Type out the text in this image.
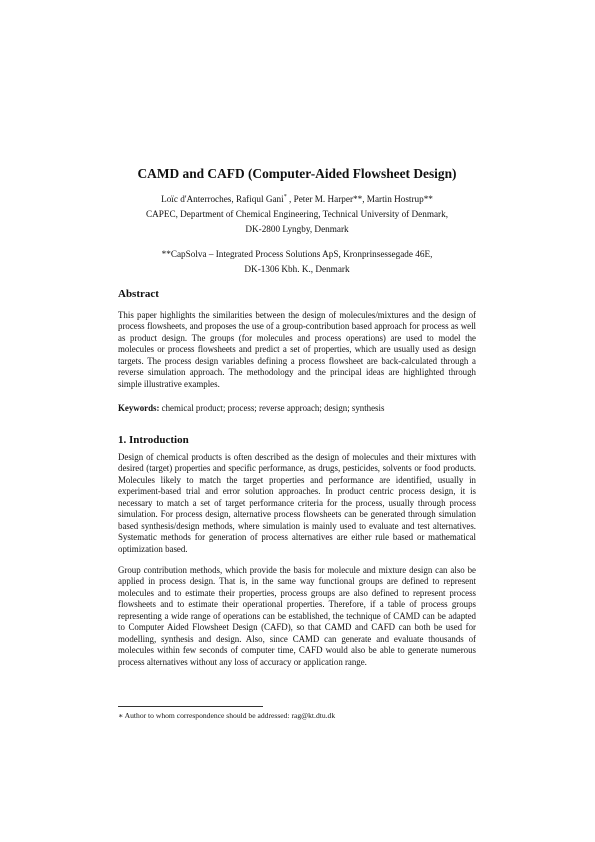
CAMD and CAFD (Computer-Aided Flowsheet Design)
Loïc d'Anterroches, Rafiqul Gani* , Peter M. Harper**, Martin Hostrup**
CAPEC, Department of Chemical Engineering, Technical University of Denmark,
DK-2800 Lyngby, Denmark
**CapSolva – Integrated Process Solutions ApS, Kronprinsessegade 46E,
DK-1306 Kbh. K., Denmark
Abstract

This paper highlights the similarities between the design of molecules/mixtures and the design of process flowsheets, and proposes the use of a group-contribution based approach for process as well as product design. The groups (for molecules and process operations) are used to model the molecules or process flowsheets and predict a set of properties, which are usually used as design targets. The process design variables defining a process flowsheet are back-calculated through a reverse simulation approach. The methodology and the principal ideas are highlighted through simple illustrative examples.

Keywords: chemical product; process; reverse approach; design; synthesis

1. Introduction

Design of chemical products is often described as the design of molecules and their mixtures with desired (target) properties and specific performance, as drugs, pesticides, solvents or food products. Molecules likely to match the target properties and performance are identified, usually in experiment-based trial and error solution approaches. In product centric process design, it is necessary to match a set of target performance criteria for the process, usually through process simulation. For process design, alternative process flowsheets can be generated through simulation based synthesis/design methods, where simulation is mainly used to evaluate and test alternatives. Systematic methods for generation of process alternatives are either rule based or mathematical optimization based.

Group contribution methods, which provide the basis for molecule and mixture design can also be applied in process design. That is, in the same way functional groups are defined to represent molecules and to estimate their properties, process groups are also defined to represent process flowsheets and to estimate their operational properties. Therefore, if a table of process groups representing a wide range of operations can be established, the technique of CAMD can be adapted to Computer Aided Flowsheet Design (CAFD), so that CAMD and CAFD can both be used for modelling, synthesis and design. Also, since CAMD can generate and evaluate thousands of molecules within few seconds of computer time, CAFD would also be able to generate numerous process alternatives without any loss of accuracy or application range.

∗ Author to whom correspondence should be addressed: rag@kt.dtu.dk
